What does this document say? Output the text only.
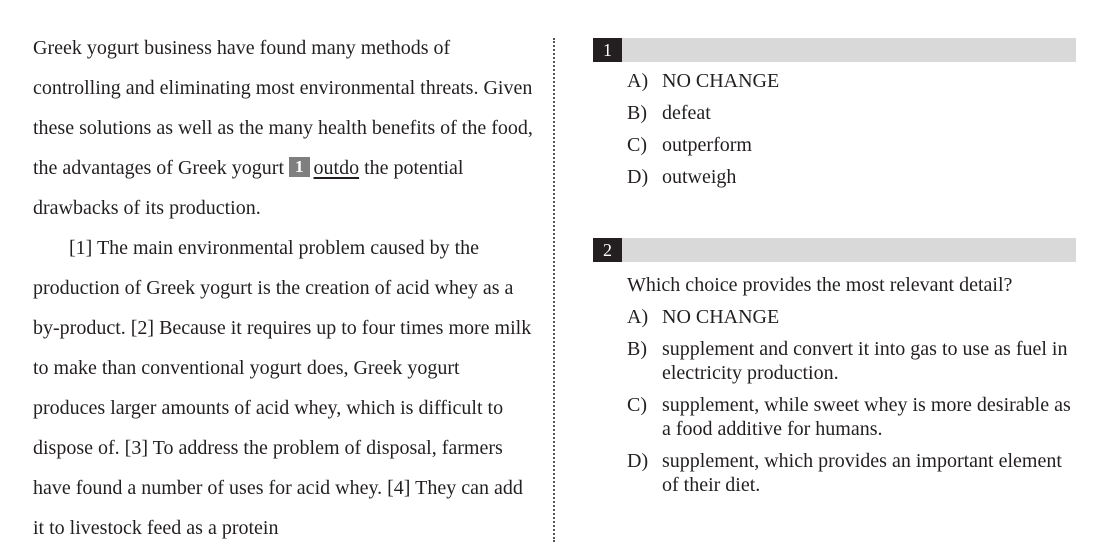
Greek yogurt business have found many methods of controlling and eliminating most environmental threats. Given these solutions as well as the many health benefits of the food, the advantages of Greek yogurt 1 outdo the potential drawbacks of its production.

[1] The main environmental problem caused by the production of Greek yogurt is the creation of acid whey as a by-product. [2] Because it requires up to four times more milk to make than conventional yogurt does, Greek yogurt produces larger amounts of acid whey, which is difficult to dispose of. [3] To address the problem of disposal, farmers have found a number of uses for acid whey. [4] They can add it to livestock feed as a protein

1
A) NO CHANGE
B) defeat
C) outperform
D) outweigh
2
Which choice provides the most relevant detail?
A) NO CHANGE
B) supplement and convert it into gas to use as fuel in electricity production.
C) supplement, while sweet whey is more desirable as a food additive for humans.
D) supplement, which provides an important element of their diet.
